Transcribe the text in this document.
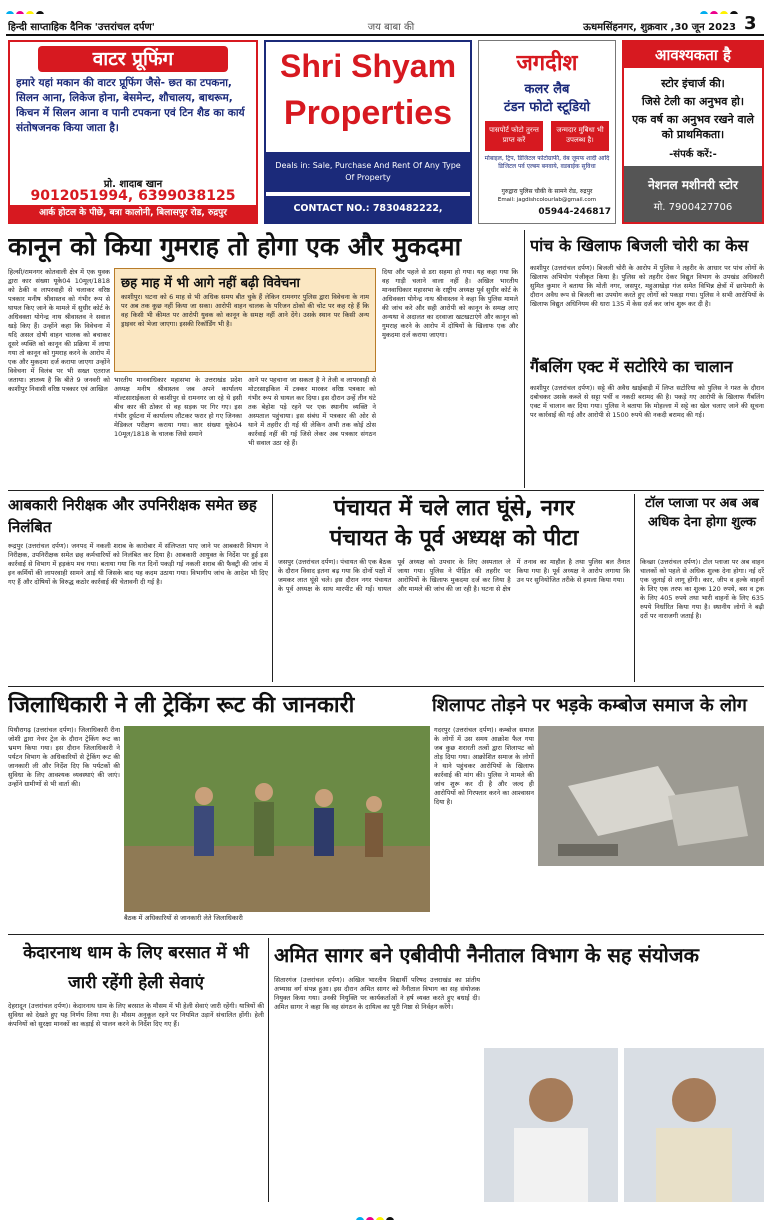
हिन्दी साप्ताहिक दैनिक 'उत्तरांचल दर्पण'	जय बाबा की	ऊधमसिंहनगर, शुक्रवार ,30 जून 2023 3
वाटर प्रूफिंग
हमारे यहां मकान की वाटर प्रूफिंग जैसे- छत का टपकना, सिलन आना, लिकेज होना, बेसमेन्ट, शौचालय, बाथरूम, किचन में सिलन आना व पानी टपकना एवं टिन शैड का कार्य संतोषजनक किया जाता है।
प्रो. शादाब खान
9012051994, 6399038125
आर्क होटल के पीछे, बत्रा कालोनी, बिलासपुर रोड, रुद्रपुर
Shri Shyam
Properties
Deals in: Sale, Purchase And Rent Of Any Type Of Property
CONTACT NO.: 7830482222,
जगदीश
कलर लैब
टंडन फोटो स्टूडियो
पासपोर्ट फोटो तुरन्त प्राप्त करें
जन्मदार मुबिधा भी उपलब्ध है।
मोबाइल, ट्रिप, डिजिटल फोटोग्राफी, वेब ज़ूमफ शादी आदि डिजिटल पर्व एल्बम बनवाये, वडबाईक सुविधा
गुरुद्वारा पुलिस चौकी के सामने रोड, रुद्रपुर
Email: jagdishcolourlab@gmail.com
05944-246817
आवश्यकता है
स्टोर इंचार्ज की।
जिसे टेली का अनुभव हो।
एक वर्ष का अनुभव रखने वाले को प्राथमिकता।
-संपर्क करें:-
नेशनल मशीनरी स्टोर
मो. 7900427706
कानून को किया गुमराह तो होगा एक और मुकदमा
हिल्सी/रामनगर कोतवाली क्षेत्र में एक युवक द्वारा कार संख्या यूके04 10मूल/1818 को ठेकी व लापरवाही से चलाकर वरिष्ठ पत्रकार मनीष श्रीवास्तव को गंभीर रूप से घायल किए जाने के मामले में सुधीर कोर्ट के अधिवक्ता योगेन्द्र नाथ श्रीवास्तव ने सवाल खड़े किए हैं। उन्होंने कहा कि विवेचना में यदि असल दोषी वाहन चालक को बचाकर दूसरे व्यक्ति को कानून की प्रक्रिया में लाया गया तो कानून को गुमराह करने के आरोप में एक और मुकदमा दर्ज कराया जाएगा उन्होंने विवेचना में विलंब पर भी सख्त एतराज जताया। ज्ञातव्य है कि बीते 9 जनवरी को काशीपुर निवासी वरिष्ठ पत्रकार एवं आखिल
छह माह में भी आगे नहीं बढ़ी विवेचना
काशीपुर। घटना को 6 माह से भी अधिक समय बीत चुके हैं लेकिन रामनगर पुलिस द्वारा विवेचना के नाम पर अब तक कुछ नहीं किया जा सका। आरोपी वाहन चालक के परिजन ठोको की चोट पर कह रहे हैं कि वह किसी भी कीमत पर आरोपी युवक को कानून के समक्ष नहीं आने देंगे। उसके स्थान पर किसी अन्य ड्राइवर को भेजा जाएगा। इसकी रिकॉर्डिंग भी है।
भारतीय मानवाधिकार महासभा के उत्तराखंड प्रदेश अध्यक्ष मनीष श्रीवास्तव जब अपने कार्यालय मॉल्टसाराईकला से काशीपुर से रामनगर जा रहे थे इसी बीच कार की ठोकर से वह सड़क पर गिर गए। इस गंभीर दुर्घटना में कार्यालय लौटकर फरार हो गए जिनका मेडिकल परीक्षण कराया गया। कार संख्या यूके04 10मूल/1818 के चालक जिसे समाने
आने पर पहचाना जा सकता है ने तेजी व लापरवाही से मोटरसाइकिल में टक्कर मारकर वरिष्ठ पत्रकार को गंभीर रूप से घायल कर दिया। इस दौरान उन्हें तीन घंटे तक बेहोश पड़े रहने पर एक स्थानीय व्यक्ति ने अस्पताल पहुंचाया। इस संबंध में पत्रकार की ओर से थाने में तहरीर दी गई थी लेकिन अभी तक कोई ठोस कार्रवाई नहीं की गई जिसे लेकर अब पत्रकार संगठन भी सवाल उठा रहे हैं।
दिया और पहले से डरा सहमा हो गया। यह कहा गया कि वह गाड़ी चलाने वाला नहीं है। अखिल भारतीय मानवाधिकार महासभा के राष्ट्रीय अध्यक्ष पूर्व सुधीर कोर्ट के अधिवक्ता योगेन्द्र नाथ श्रीवास्तव ने कहा कि पुलिस मामले की जांच करे और सही आरोपी को कानून के समक्ष लाए अन्यथा वे अदालत का दरवाजा खटखटाएंगे और कानून को गुमराह करने के आरोप में दोषियों के खिलाफ एक और मुकदमा दर्ज कराया जाएगा।
पांच के खिलाफ बिजली चोरी का केस
काशीपुर (उत्तरांचल दर्पण)। बिजली चोरी के आरोप में पुलिस ने तहरीर के आधार पर पांच लोगों के खिलाफ अभियोग पंजीकृत किया है। पुलिस को तहरीर देकर विद्युत विभाग के उपखंड अधिकारी सुमित कुमार ने बताया कि मोती नगर, जसपुर, महुआखेड़ा गंज समेत विभिन्न क्षेत्रों में छापेमारी के दौरान अवैध रूप से बिजली का उपयोग करते हुए लोगों को पकड़ा गया। पुलिस ने सभी आरोपियों के खिलाफ विद्युत अधिनियम की धारा 135 में केस दर्ज कर जांच शुरू कर दी है।
गैंबलिंग एक्ट में सटोरिये का चालान
काशीपुर (उत्तरांचल दर्पण)। सट्टे की अवैध खाईबाड़ी में लिप्त सटोरिया को पुलिस ने गश्त के दौरान दबोचकर उसके कब्जे से सट्टा पर्ची व नकदी बरामद की है। पकड़े गए आरोपी के खिलाफ गैंबलिंग एक्ट में चालान कर दिया गया। पुलिस ने बताया कि मोहल्ला में सट्टे का खेल चलाए जाने की सूचना पर कार्रवाई की गई और आरोपी से 1500 रुपये की नकदी बरामद की गई।
आबकारी निरीक्षक और उपनिरीक्षक समेत छह निलंबित
रूद्रपुर (उत्तरांचल दर्पण)। जनपद में नकली शराब के कारोबार में संलिप्तता पाए जाने पर आबकारी विभाग ने निरीक्षक, उपनिरीक्षक समेत छह कर्मचारियों को निलंबित कर दिया है। आबकारी आयुक्त के निर्देश पर हुई इस कार्रवाई से विभाग में हड़कंप मच गया। बताया गया कि गत दिनों पकड़ी गई नकली शराब की फैक्ट्री की जांच में इन कर्मियों की लापरवाही सामने आई थी जिसके बाद यह कदम उठाया गया। विभागीय जांच के आदेश भी दिए गए हैं और दोषियों के विरुद्ध कठोर कार्रवाई की चेतावनी दी गई है।
पंचायत में चले लात घूंसे, नगर
पंचायत के पूर्व अध्यक्ष को पीटा
जसपुर (उत्तरांचल दर्पण)। पंचायत की एक बैठक के दौरान विवाद इतना बढ़ गया कि दोनों पक्षों में जमकर लात घूंसे चले। इस दौरान नगर पंचायत के पूर्व अध्यक्ष के साथ मारपीट की गई। घायल पूर्व अध्यक्ष को उपचार के लिए अस्पताल ले जाया गया। पुलिस ने पीड़ित की तहरीर पर आरोपियों के खिलाफ मुकदमा दर्ज कर लिया है और मामले की जांच की जा रही है। घटना से क्षेत्र में तनाव का माहौल है तथा पुलिस बल तैनात किया गया है। पूर्व अध्यक्ष ने आरोप लगाया कि उन पर सुनियोजित तरीके से हमला किया गया।
टॉल प्लाजा पर अब अब अधिक देना होगा शुल्क
किच्छा (उत्तरांचल दर्पण)। टोल प्लाजा पर अब वाहन चालकों को पहले से अधिक शुल्क देना होगा। नई दरें एक जुलाई से लागू होंगी। कार, जीप व हल्के वाहनों के लिए एक तरफ का शुल्क 120 रुपये, बस व ट्रक के लिए 405 रुपये तथा भारी वाहनों के लिए 635 रुपये निर्धारित किया गया है। स्थानीय लोगों ने बढ़ी दरों पर नाराजगी जताई है।
जिलाधिकारी ने ली ट्रेकिंग रूट की जानकारी
पिथौरागढ़ (उत्तरांचल दर्पण)। जिलाधिकारी रीना जोशी द्वारा नेचर ट्रेल के दौरान ट्रेकिंग रूट का भ्रमण किया गया। इस दौरान जिलाधिकारी ने पर्यटन विभाग के अधिकारियों से ट्रेकिंग रूट की जानकारी ली और निर्देश दिए कि पर्यटकों की सुविधा के लिए आवश्यक व्यवस्थाएं की जाएं। उन्होंने ग्रामीणों से भी वार्ता की।
बैठक में अधिकारियों से जानकारी लेते जिलाधिकारी
शिलापट तोड़ने पर भड़के कम्बोज समाज के लोग
गदरपुर (उत्तरांचल दर्पण)। कम्बोज समाज के लोगों में उस समय आक्रोश फैल गया जब कुछ शरारती तत्वों द्वारा शिलापट को तोड़ दिया गया। आक्रोशित समाज के लोगों ने थाने पहुंचकर आरोपियों के खिलाफ कार्रवाई की मांग की। पुलिस ने मामले की जांच शुरू कर दी है और जल्द ही आरोपियों को गिरफ्तार करने का आश्वासन दिया है।
केदारनाथ धाम के लिए बरसात में भी जारी रहेंगी हेली सेवाएं
देहरादून (उत्तरांचल दर्पण)। केदारनाथ धाम के लिए बरसात के मौसम में भी हेली सेवाएं जारी रहेंगी। यात्रियों की सुविधा को देखते हुए यह निर्णय लिया गया है। मौसम अनुकूल रहने पर नियमित उड़ानें संचालित होंगी। हेली कंपनियों को सुरक्षा मानकों का कड़ाई से पालन करने के निर्देश दिए गए हैं।
अमित सागर बने एबीवीपी नैनीताल विभाग के सह संयोजक
सितारगंज (उत्तरांचल दर्पण)। अखिल भारतीय विद्यार्थी परिषद उत्तराखंड का प्रांतीय अभ्यास वर्ग संपन्न हुआ। इस दौरान अमित सागर को नैनीताल विभाग का सह संयोजक नियुक्त किया गया। उनकी नियुक्ति पर कार्यकर्ताओं ने हर्ष व्यक्त करते हुए बधाई दी। अमित सागर ने कहा कि वह संगठन के दायित्व का पूरी निष्ठा से निर्वहन करेंगे।
